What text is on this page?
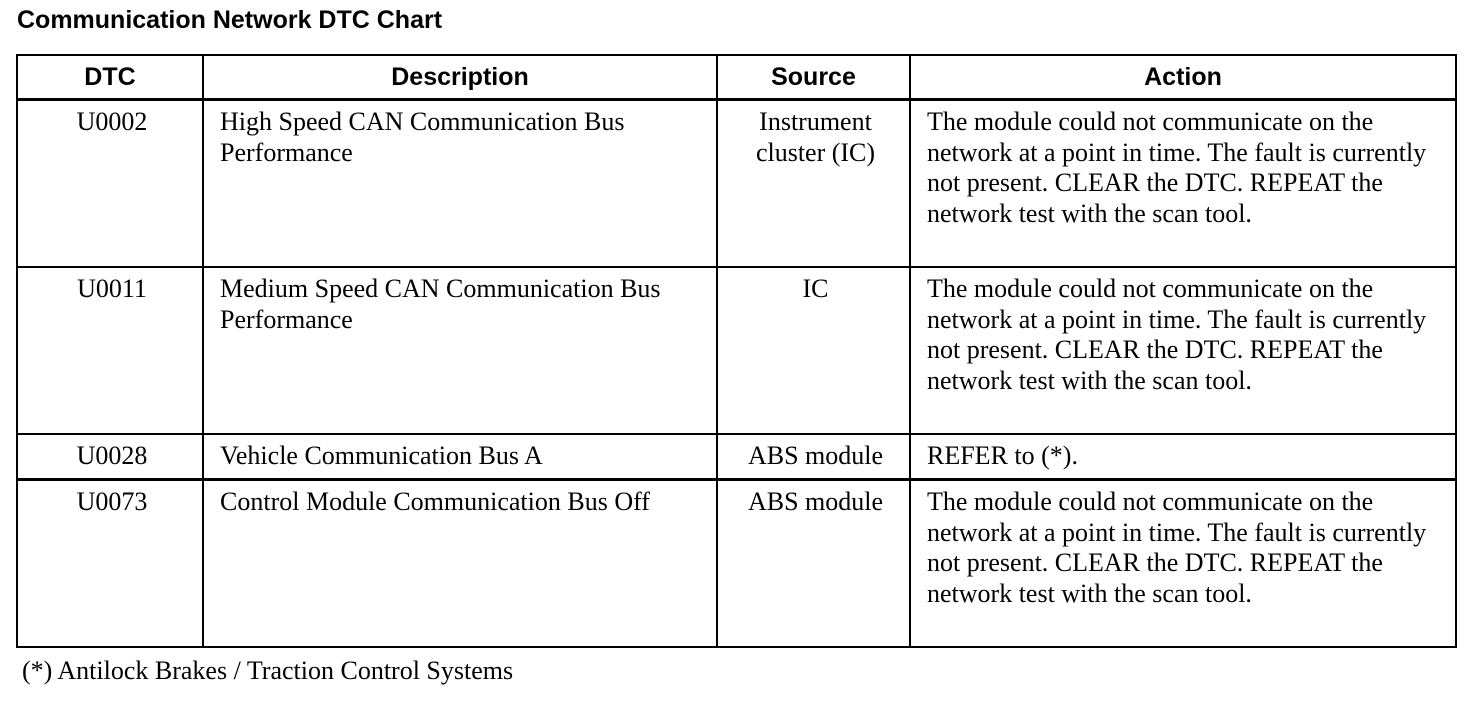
Communication Network DTC Chart
DTC	Description	Source	Action
U0002	High Speed CAN Communication Bus Performance	Instrument cluster (IC)	The module could not communicate on the network at a point in time. The fault is currently not present. CLEAR the DTC. REPEAT the network test with the scan tool.
U0011	Medium Speed CAN Communication Bus Performance	IC	The module could not communicate on the network at a point in time. The fault is currently not present. CLEAR the DTC. REPEAT the network test with the scan tool.
U0028	Vehicle Communication Bus A	ABS module	REFER to (*).
U0073	Control Module Communication Bus Off	ABS module	The module could not communicate on the network at a point in time. The fault is currently not present. CLEAR the DTC. REPEAT the network test with the scan tool.
(*) Antilock Brakes / Traction Control Systems
